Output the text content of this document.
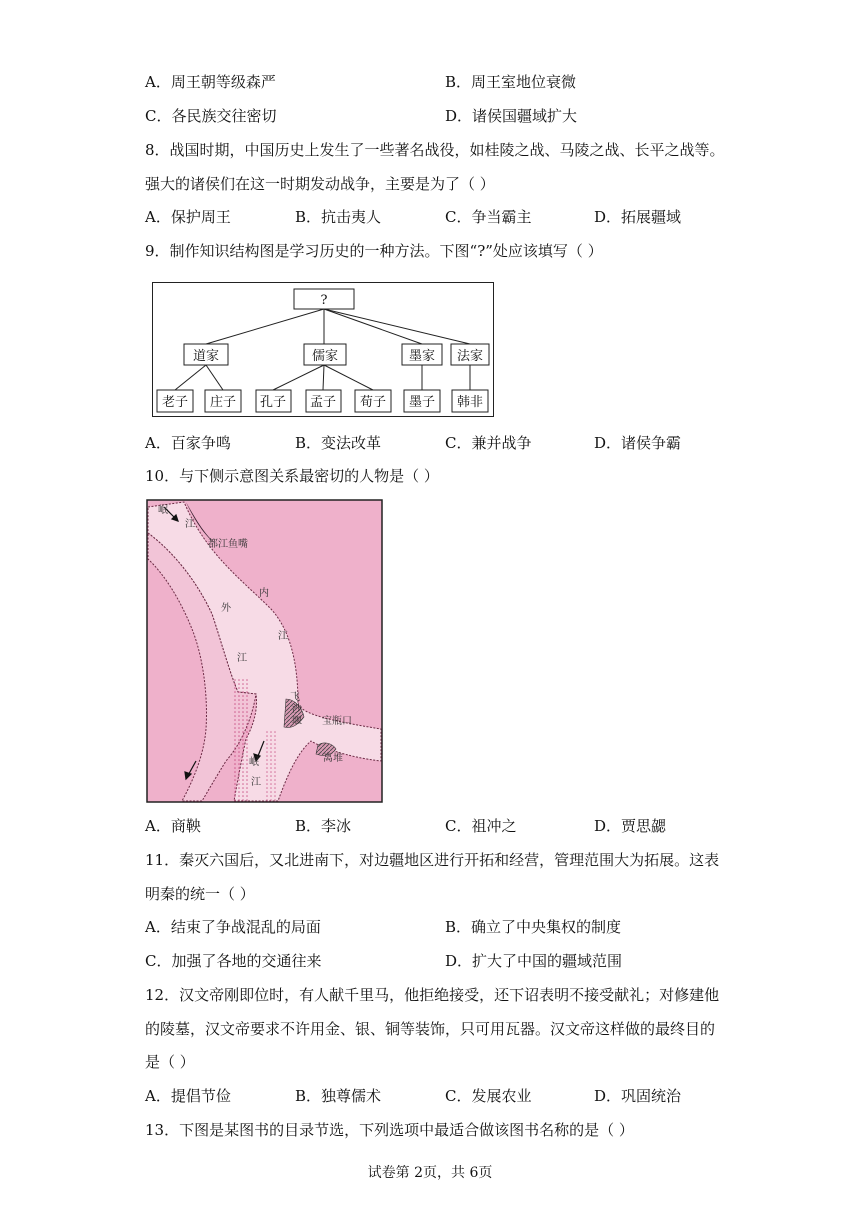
A．周王朝等级森严	B．周王室地位衰微
C．各民族交往密切	D．诸侯国疆域扩大
8．战国时期，中国历史上发生了一些著名战役，如桂陵之战、马陵之战、长平之战等。
强大的诸侯们在这一时期发动战争，主要是为了（ ）
A．保护周王	B．抗击夷人	C．争当霸主	D．拓展疆域
9．制作知识结构图是学习历史的一种方法。下图“?”处应该填写（ ）
?
道家	儒家	墨家 法家
老子 庄子 孔子 孟子 荀子 墨子 韩非
A．百家争鸣	B．变法改革	C．兼并战争	D．诸侯争霸
10．与下侧示意图关系最密切的人物是（ ）
岷
江
都江鱼嘴
内
江
外
江
飞
沙
堰 宝瓶口
离堆
岷
江
A．商鞅	B．李冰	C．祖冲之	D．贾思勰
11．秦灭六国后，又北进南下，对边疆地区进行开拓和经营，管理范围大为拓展。这表
明秦的统一（ ）
A．结束了争战混乱的局面	B．确立了中央集权的制度
C．加强了各地的交通往来	D．扩大了中国的疆域范围
12．汉文帝刚即位时，有人献千里马，他拒绝接受，还下诏表明不接受献礼；对修建他
的陵墓，汉文帝要求不许用金、银、铜等装饰，只可用瓦器。汉文帝这样做的最终目的
是（ ）
A．提倡节俭	B．独尊儒术	C．发展农业	D．巩固统治
13．下图是某图书的目录节选，下列选项中最适合做该图书名称的是（ ）
试卷第 2页，共 6页
